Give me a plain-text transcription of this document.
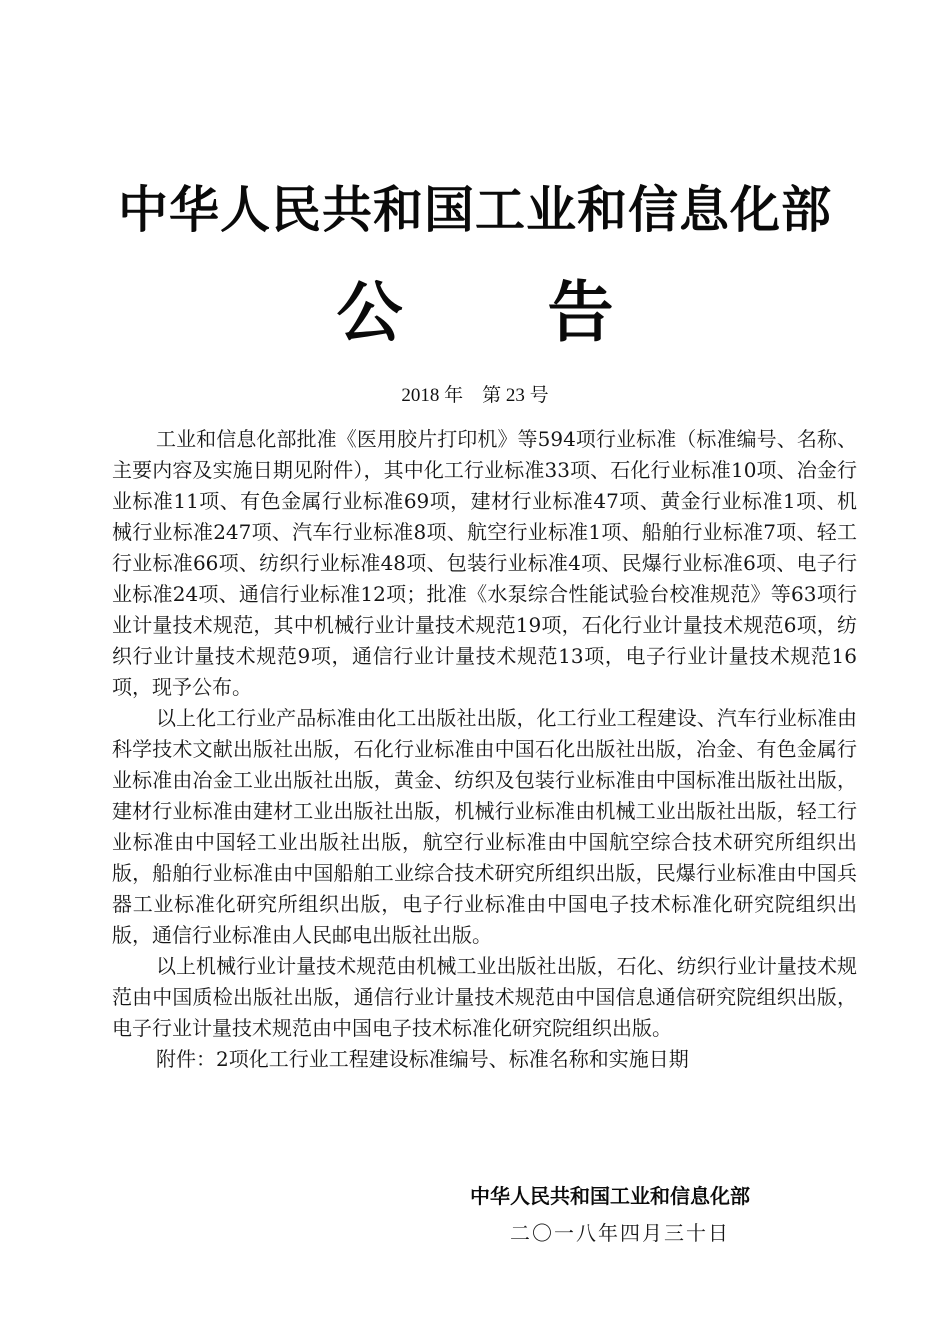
中华人民共和国工业和信息化部
公 告
2018 年　第 23 号

工业和信息化部批准《医用胶片打印机》等594项行业标准（标准编号、名称、主要内容及实施日期见附件），其中化工行业标准33项、石化行业标准10项、冶金行业标准11项、有色金属行业标准69项，建材行业标准47项、黄金行业标准1项、机械行业标准247项、汽车行业标准8项、航空行业标准1项、船舶行业标准7项、轻工行业标准66项、纺织行业标准48项、包装行业标准4项、民爆行业标准6项、电子行业标准24项、通信行业标准12项；批准《水泵综合性能试验台校准规范》等63项行业计量技术规范，其中机械行业计量技术规范19项，石化行业计量技术规范6项，纺织行业计量技术规范9项，通信行业计量技术规范13项，电子行业计量技术规范16项，现予公布。

以上化工行业产品标准由化工出版社出版，化工行业工程建设、汽车行业标准由科学技术文献出版社出版，石化行业标准由中国石化出版社出版，冶金、有色金属行业标准由冶金工业出版社出版，黄金、纺织及包装行业标准由中国标准出版社出版，建材行业标准由建材工业出版社出版，机械行业标准由机械工业出版社出版，轻工行业标准由中国轻工业出版社出版，航空行业标准由中国航空综合技术研究所组织出版，船舶行业标准由中国船舶工业综合技术研究所组织出版，民爆行业标准由中国兵器工业标准化研究所组织出版，电子行业标准由中国电子技术标准化研究院组织出版，通信行业标准由人民邮电出版社出版。

以上机械行业计量技术规范由机械工业出版社出版，石化、纺织行业计量技术规范由中国质检出版社出版，通信行业计量技术规范由中国信息通信研究院组织出版，电子行业计量技术规范由中国电子技术标准化研究院组织出版。

附件：2项化工行业工程建设标准编号、标准名称和实施日期

中华人民共和国工业和信息化部
二〇一八年四月三十日
